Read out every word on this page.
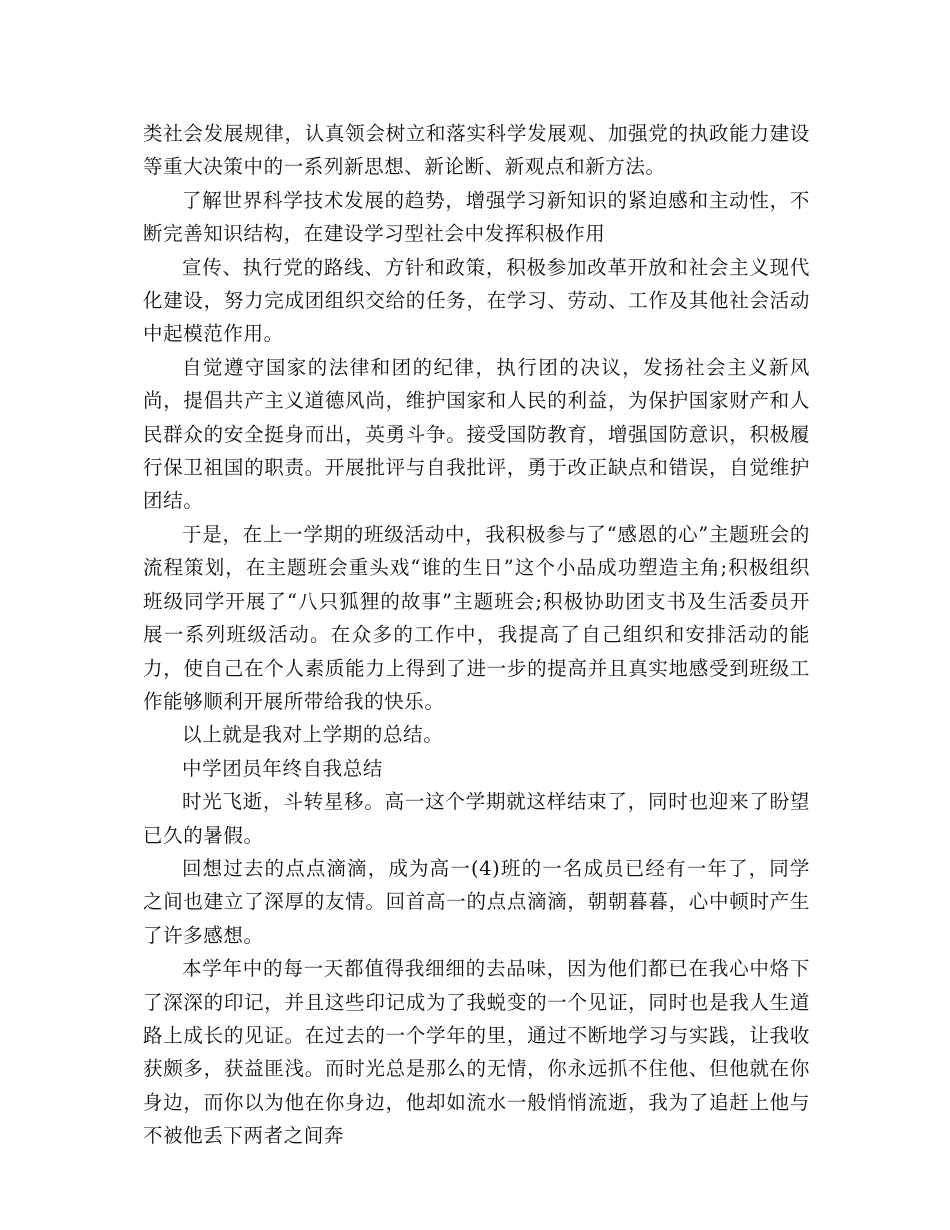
类社会发展规律，认真领会树立和落实科学发展观、加强党的执政能力建设等重大决策中的一系列新思想、新论断、新观点和新方法。

了解世界科学技术发展的趋势，增强学习新知识的紧迫感和主动性，不断完善知识结构，在建设学习型社会中发挥积极作用

宣传、执行党的路线、方针和政策，积极参加改革开放和社会主义现代化建设，努力完成团组织交给的任务，在学习、劳动、工作及其他社会活动中起模范作用。

自觉遵守国家的法律和团的纪律，执行团的决议，发扬社会主义新风尚，提倡共产主义道德风尚，维护国家和人民的利益，为保护国家财产和人民群众的安全挺身而出，英勇斗争。接受国防教育，增强国防意识，积极履行保卫祖国的职责。开展批评与自我批评，勇于改正缺点和错误，自觉维护团结。

于是，在上一学期的班级活动中，我积极参与了“感恩的心”主题班会的流程策划，在主题班会重头戏“谁的生日”这个小品成功塑造主角;积极组织班级同学开展了“八只狐狸的故事”主题班会;积极协助团支书及生活委员开展一系列班级活动。在众多的工作中，我提高了自己组织和安排活动的能力，使自己在个人素质能力上得到了进一步的提高并且真实地感受到班级工作能够顺利开展所带给我的快乐。

以上就是我对上学期的总结。

中学团员年终自我总结

时光飞逝，斗转星移。高一这个学期就这样结束了，同时也迎来了盼望已久的暑假。

回想过去的点点滴滴，成为高一(4)班的一名成员已经有一年了，同学之间也建立了深厚的友情。回首高一的点点滴滴，朝朝暮暮，心中顿时产生了许多感想。

本学年中的每一天都值得我细细的去品味，因为他们都已在我心中烙下了深深的印记，并且这些印记成为了我蜕变的一个见证，同时也是我人生道路上成长的见证。在过去的一个学年的里，通过不断地学习与实践，让我收获颇多，获益匪浅。而时光总是那么的无情，你永远抓不住他、但他就在你身边，而你以为他在你身边，他却如流水一般悄悄流逝，我为了追赶上他与不被他丢下两者之间奔
